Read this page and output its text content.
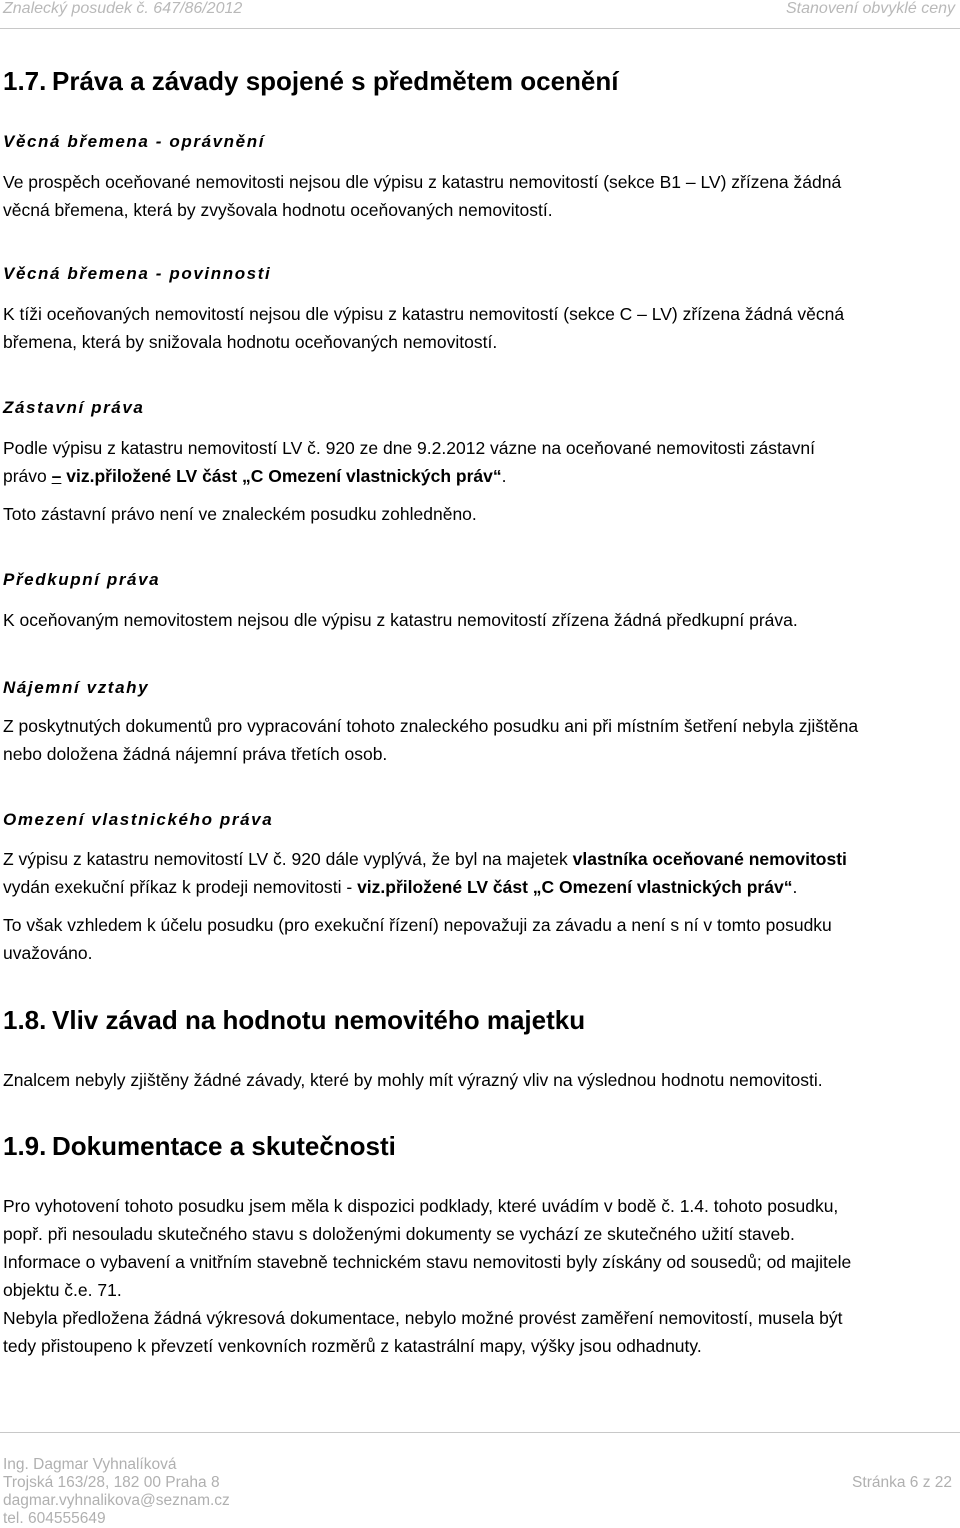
Znalecký posudek č. 647/86/2012	Stanovení obvyklé ceny
1.7. Práva a závady spojené s předmětem ocenění
Věcná břemena - oprávnění
Ve prospěch oceňované nemovitosti nejsou dle výpisu z katastru nemovitostí (sekce B1 – LV) zřízena žádná
věcná břemena, která by zvyšovala hodnotu oceňovaných nemovitostí.
Věcná břemena - povinnosti
K tíži oceňovaných nemovitostí nejsou dle výpisu z katastru nemovitostí (sekce C – LV) zřízena žádná věcná
břemena, která by snižovala hodnotu oceňovaných nemovitostí.
Zástavní práva
Podle výpisu z katastru nemovitostí LV č. 920 ze dne 9.2.2012 vázne na oceňované nemovitosti zástavní
právo – viz.přiložené LV část „C Omezení vlastnických práv“.
Toto zástavní právo není ve znaleckém posudku zohledněno.
Předkupní práva
K oceňovaným nemovitostem nejsou dle výpisu z katastru nemovitostí zřízena žádná předkupní práva.
Nájemní vztahy
Z poskytnutých dokumentů pro vypracování tohoto znaleckého posudku ani při místním šetření nebyla zjištěna
nebo doložena žádná nájemní práva třetích osob.
Omezení vlastnického práva
Z výpisu z katastru nemovitostí LV č. 920 dále vyplývá, že byl na majetek vlastníka oceňované nemovitosti
vydán exekuční příkaz k prodeji nemovitosti - viz.přiložené LV část „C Omezení vlastnických práv“.
To však vzhledem k účelu posudku (pro exekuční řízení) nepovažuji za závadu a není s ní v tomto posudku
uvažováno.
1.8. Vliv závad na hodnotu nemovitého majetku
Znalcem nebyly zjištěny žádné závady, které by mohly mít výrazný vliv na výslednou hodnotu nemovitosti.
1.9. Dokumentace a skutečnosti
Pro vyhotovení tohoto posudku jsem měla k dispozici podklady, které uvádím v bodě č. 1.4. tohoto posudku,
popř. při nesouladu skutečného stavu s doloženými dokumenty se vychází ze skutečného užití staveb.
Informace o vybavení a vnitřním stavebně technickém stavu nemovitosti byly získány od sousedů; od majitele
objektu č.e. 71.
Nebyla předložena žádná výkresová dokumentace, nebylo možné provést zaměření nemovitostí, musela být
tedy přistoupeno k převzetí venkovních rozměrů z katastrální mapy, výšky jsou odhadnuty.
Ing. Dagmar Vyhnalíková
Trojská 163/28, 182 00 Praha 8
dagmar.vyhnalikova@seznam.cz
tel. 604555649
Stránka 6 z 22
